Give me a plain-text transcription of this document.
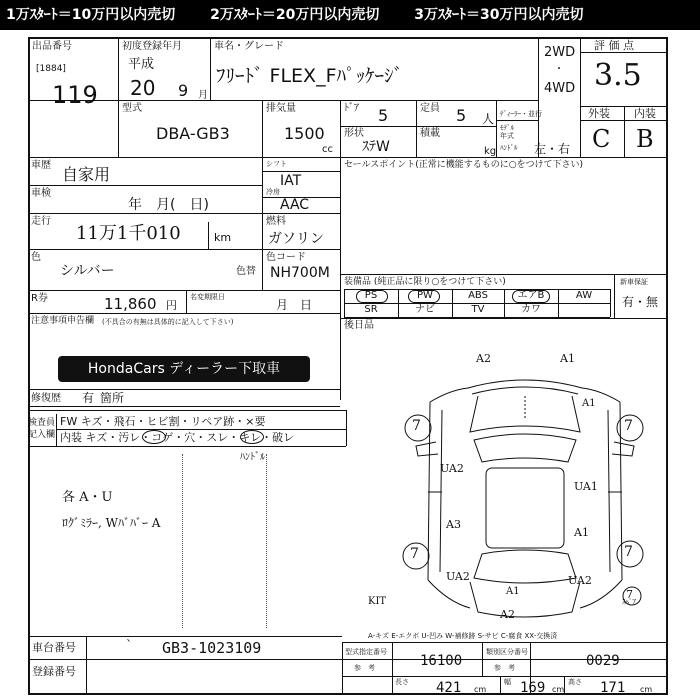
1万ｽﾀｰﾄ＝10万円以内売切 2万ｽﾀｰﾄ＝20万円以内売切 3万ｽﾀｰﾄ＝30万円以内売切
出品番号
[1884]
119
初度登録年月
平成
20 9 月
車名・グレード
ﾌﾘｰﾄﾞ FLEX_Fﾊﾟｯｹｰｼﾞ
2WD
・
4WD
評 価 点
3.5
外装 内装
C B
型式
DBA-GB3
排気量
1500
cc
ﾄﾞｱ 5	定員 5 人 ﾃﾞｨｰﾗｰ・並行
形状
ｽﾃW
積載
kg
ﾓﾃﾞﾙ
年式
ﾊﾝﾄﾞﾙ 左・右
車歴 自家用
車検
年　月(　日)
走行
11万1千010	km
色
シルバー	色替
R券	11,860 円
名変期限日
月　日
注意事項申告欄 (不具合の有無は具体的に記入して下さい)
HondaCars ディーラー下取車
修復歴 有 箇所
シフト
IAT
冷房
AAC
燃料
ガソリン
色コード
NH700M
セールスポイント(正常に機能するものに○をつけて下さい)
装備品 (純正品に限り○をつけて下さい)	新車保証
有・無
PS	PW	ABS	エアB	AW
SR	ナビ	TV	カワ
後日品
検査員
記入欄
FW キズ・飛石・ヒビ割・リペア跡・×要
内装 キズ・汚レ・コゲ・穴・スレ・キレ・破レ
ﾊﾝﾄﾞﾙ
各 A・U
ﾛｸﾞﾐﾗｰ, Wﾊﾞﾊﾞｰ A
7	7
7	7
7
ｽﾍﾟｱ
KIT
A2	A1
A1
UA2
UA1
A3
A1
UA2
A1
UA2
A2
A-キズ E-エクボ U-凹み W-補修跡 S-サビ C-腐食 XX-交換済
車台番号	` GB3-1023109
登録番号
型式指定番号
参　考	16100
類別区分番号
参　考	0029
長さ 421 cm
幅 169 cm
高さ 171 cm
